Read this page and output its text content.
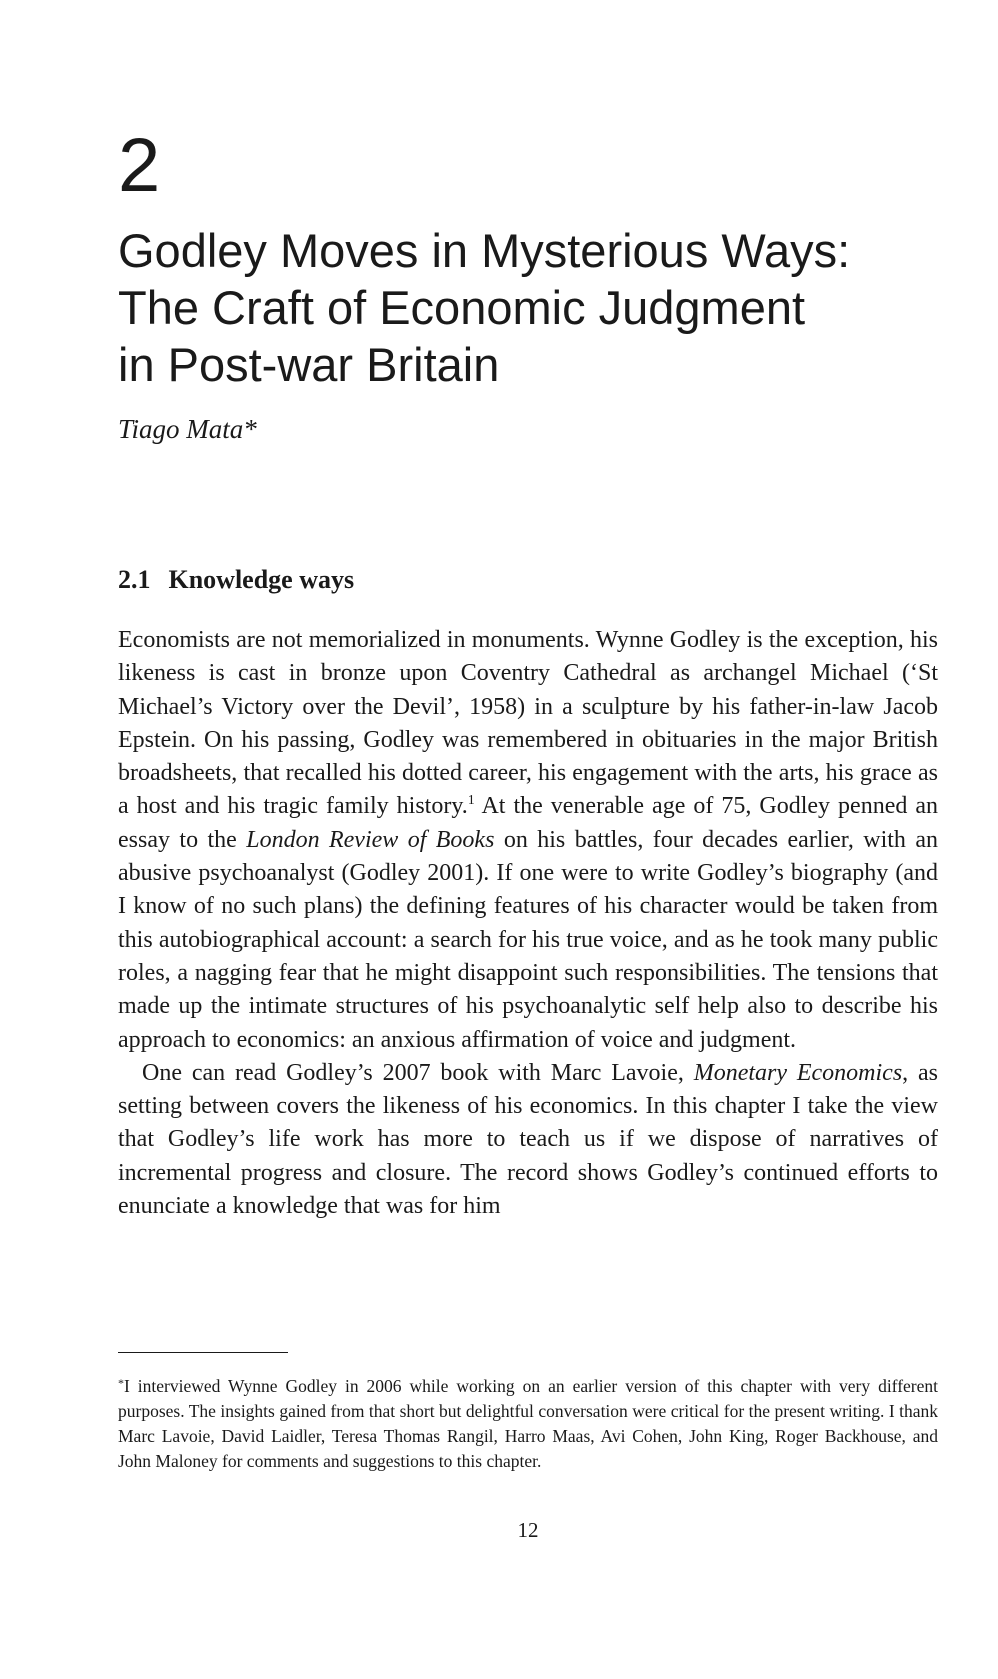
2
Godley Moves in Mysterious Ways:
The Craft of Economic Judgment
in Post-war Britain

Tiago Mata*

2.1 Knowledge ways

Economists are not memorialized in monuments. Wynne Godley is the exception, his likeness is cast in bronze upon Coventry Cathedral as archangel Michael (‘St Michael’s Victory over the Devil’, 1958) in a sculpture by his father-in-law Jacob Epstein. On his passing, Godley was remembered in obituaries in the major British broadsheets, that recalled his dotted career, his engagement with the arts, his grace as a host and his tragic family history.$^1$ At the venerable age of 75, Godley penned an essay to the London Review of Books on his battles, four decades earlier, with an abusive psychoanalyst (Godley 2001). If one were to write Godley’s biography (and I know of no such plans) the defining features of his character would be taken from this autobiographical account: a search for his true voice, and as he took many public roles, a nagging fear that he might disappoint such responsibilities. The tensions that made up the intimate structures of his psychoanalytic self help also to describe his approach to economics: an anxious affirmation of voice and judgment.

One can read Godley’s 2007 book with Marc Lavoie, Monetary Economics, as setting between covers the likeness of his economics. In this chapter I take the view that Godley’s life work has more to teach us if we dispose of narratives of incremental progress and closure. The record shows Godley’s continued efforts to enunciate a knowledge that was for him

*I interviewed Wynne Godley in 2006 while working on an earlier version of this chapter with very different purposes. The insights gained from that short but delightful conversation were critical for the present writing. I thank Marc Lavoie, David Laidler, Teresa Thomas Rangil, Harro Maas, Avi Cohen, John King, Roger Backhouse, and John Maloney for comments and suggestions to this chapter.

12
